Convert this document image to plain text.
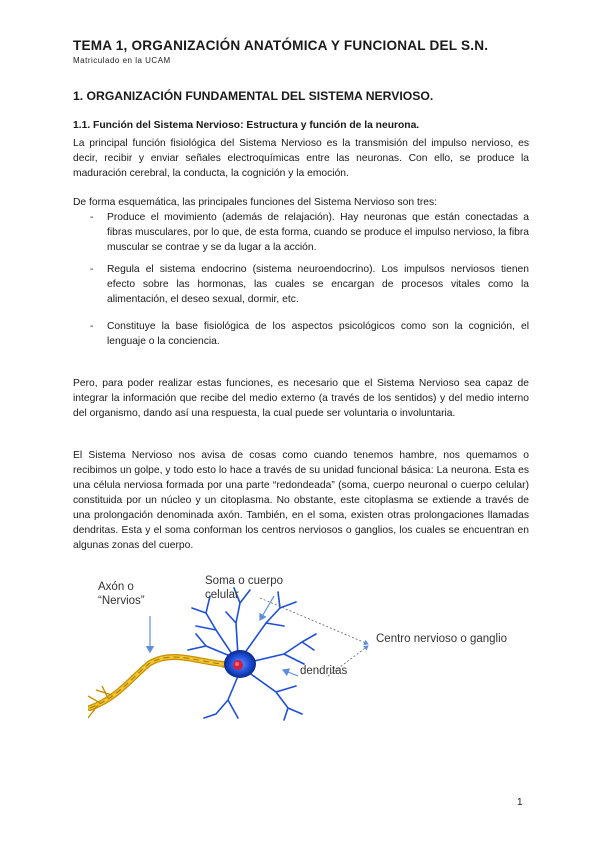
TEMA 1, ORGANIZACIÓN ANATÓMICA Y FUNCIONAL DEL S.N.
Matriculado en la UCAM
1. ORGANIZACIÓN FUNDAMENTAL DEL SISTEMA NERVIOSO.
1.1. Función del Sistema Nervioso: Estructura y función de la neurona.

La principal función fisiológica del Sistema Nervioso es la transmisión del impulso nervioso, es decir, recibir y enviar señales electroquímicas entre las neuronas. Con ello, se produce la maduración cerebral, la conducta, la cognición y la emoción.

De forma esquemática, las principales funciones del Sistema Nervioso son tres:

- Produce el movimiento (además de relajación). Hay neuronas que están conectadas a fibras musculares, por lo que, de esta forma, cuando se produce el impulso nervioso, la fibra muscular se contrae y se da lugar a la acción.
- Regula el sistema endocrino (sistema neuroendocrino). Los impulsos nerviosos tienen efecto sobre las hormonas, las cuales se encargan de procesos vitales como la alimentación, el deseo sexual, dormir, etc.
- Constituye la base fisiológica de los aspectos psicológicos como son la cognición, el lenguaje o la conciencia.

Pero, para poder realizar estas funciones, es necesario que el Sistema Nervioso sea capaz de integrar la información que recibe del medio externo (a través de los sentidos) y del medio interno del organismo, dando así una respuesta, la cual puede ser voluntaria o involuntaria.

El Sistema Nervioso nos avisa de cosas como cuando tenemos hambre, nos quemamos o recibimos un golpe, y todo esto lo hace a través de su unidad funcional básica: La neurona. Esta es una célula nerviosa formada por una parte “redondeada” (soma, cuerpo neuronal o cuerpo celular) constituida por un núcleo y un citoplasma. No obstante, este citoplasma se extiende a través de una prolongación denominada axón. También, en el soma, existen otras prolongaciones llamadas dendritas. Esta y el soma conforman los centros nerviosos o ganglios, los cuales se encuentran en algunas zonas del cuerpo.

Axón o
“Nervios”
Soma o cuerpo
celular
Centro nervioso o ganglio
dendritas
1
